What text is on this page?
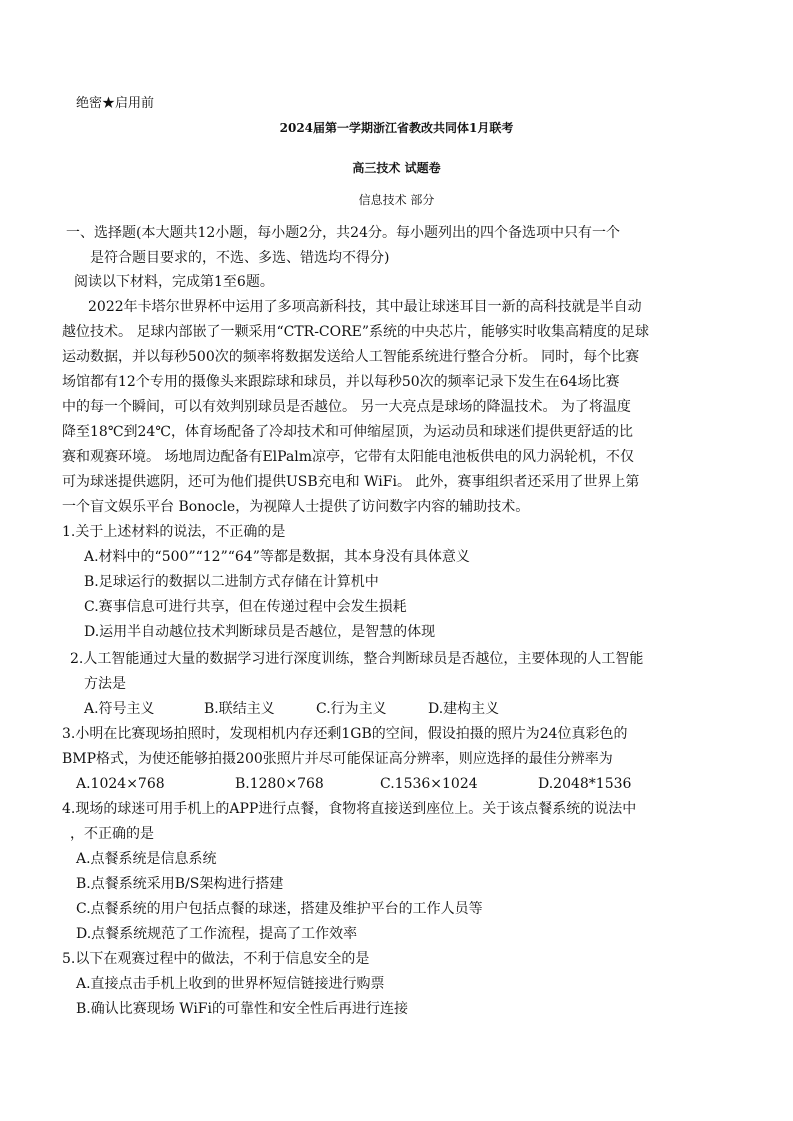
绝密★启用前
2024届第一学期浙江省教改共同体1月联考
高三技术 试题卷
信息技术 部分
一、选择题(本大题共12小题，每小题2分，共24分。每小题列出的四个备选项中只有一个
是符合题目要求的，不选、多选、错选均不得分)
阅读以下材料，完成第1至6题。
2022年卡塔尔世界杯中运用了多项高新科技，其中最让球迷耳目一新的高科技就是半自动
越位技术。 足球内部嵌了一颗采用“CTR-CORE”系统的中央芯片，能够实时收集高精度的足球
运动数据，并以每秒500次的频率将数据发送给人工智能系统进行整合分析。 同时，每个比赛
场馆都有12个专用的摄像头来跟踪球和球员，并以每秒50次的频率记录下发生在64场比赛
中的每一个瞬间，可以有效判别球员是否越位。 另一大亮点是球场的降温技术。 为了将温度
降至18℃到24℃，体育场配备了冷却技术和可伸缩屋顶，为运动员和球迷们提供更舒适的比
赛和观赛环境。 场地周边配备有ElPalm凉亭，它带有太阳能电池板供电的风力涡轮机，不仅
可为球迷提供遮阴，还可为他们提供USB充电和 WiFi。 此外，赛事组织者还采用了世界上第
一个盲文娱乐平台 Bonocle，为视障人士提供了访问数字内容的辅助技术。
1.关于上述材料的说法，不正确的是
A.材料中的“500”“12”“64”等都是数据，其本身没有具体意义
B.足球运行的数据以二进制方式存储在计算机中
C.赛事信息可进行共享，但在传递过程中会发生损耗
D.运用半自动越位技术判断球员是否越位，是智慧的体现
2.人工智能通过大量的数据学习进行深度训练，整合判断球员是否越位，主要体现的人工智能
方法是
A.符号主义	B.联结主义	C.行为主义	D.建构主义
3.小明在比赛现场拍照时，发现相机内存还剩1GB的空间，假设拍摄的照片为24位真彩色的
BMP格式，为使还能够拍摄200张照片并尽可能保证高分辨率，则应选择的最佳分辨率为
A.1024×768	B.1280×768	C.1536×1024	D.2048*1536
4.现场的球迷可用手机上的APP进行点餐，食物将直接送到座位上。关于该点餐系统的说法中
，不正确的是
A.点餐系统是信息系统
B.点餐系统采用B/S架构进行搭建
C.点餐系统的用户包括点餐的球迷，搭建及维护平台的工作人员等
D.点餐系统规范了工作流程，提高了工作效率
5.以下在观赛过程中的做法，不利于信息安全的是
A.直接点击手机上收到的世界杯短信链接进行购票
B.确认比赛现场 WiFi的可靠性和安全性后再进行连接
